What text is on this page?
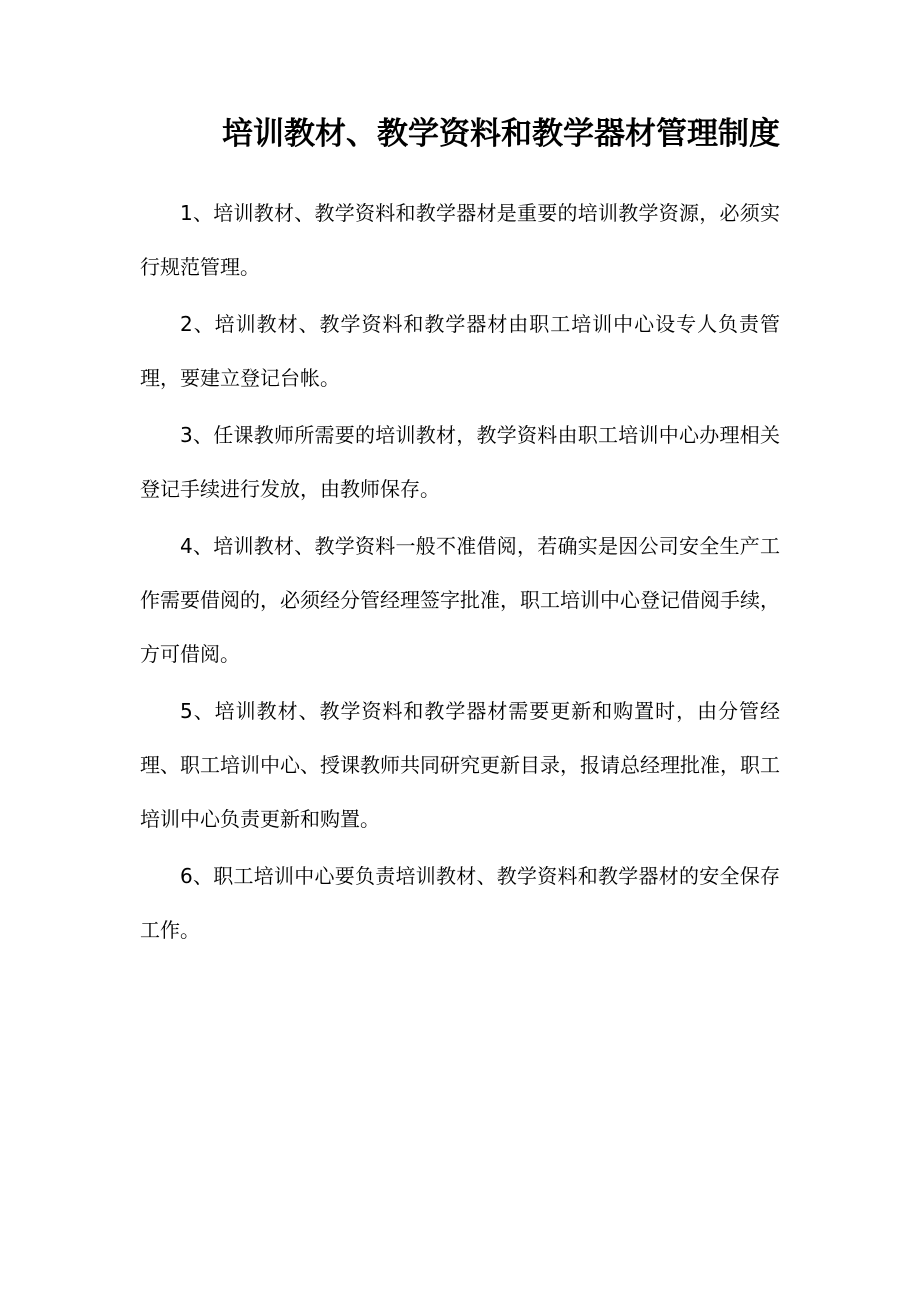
培训教材、教学资料和教学器材管理制度

1、培训教材、教学资料和教学器材是重要的培训教学资源，必须实行规范管理。

2、培训教材、教学资料和教学器材由职工培训中心设专人负责管理，要建立登记台帐。

3、任课教师所需要的培训教材，教学资料由职工培训中心办理相关登记手续进行发放，由教师保存。

4、培训教材、教学资料一般不准借阅，若确实是因公司安全生产工作需要借阅的，必须经分管经理签字批准，职工培训中心登记借阅手续，方可借阅。

5、培训教材、教学资料和教学器材需要更新和购置时，由分管经理、职工培训中心、授课教师共同研究更新目录，报请总经理批准，职工培训中心负责更新和购置。

6、职工培训中心要负责培训教材、教学资料和教学器材的安全保存工作。
